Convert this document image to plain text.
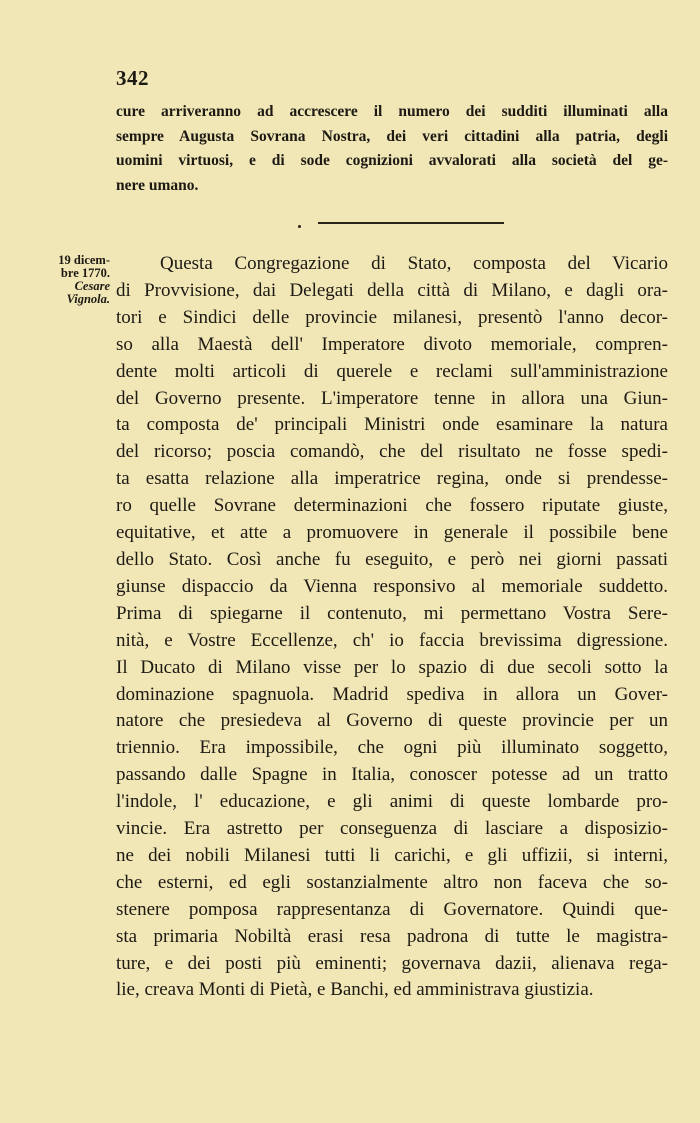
342
cure arriveranno ad accrescere il numero dei sudditi illuminati alla
sempre Augusta Sovrana Nostra, dei veri cittadini alla patria, degli
uomini virtuosi, e di sode cognizioni avvalorati alla società del ge-
nere umano.
19 dicem-
bre 1770.
Cesare
Vignola.
Questa Congregazione di Stato, composta del Vicario
di Provvisione, dai Delegati della città di Milano, e dagli ora-
tori e Sindici delle provincie milanesi, presentò l'anno decor-
so alla Maestà dell' Imperatore divoto memoriale, compren-
dente molti articoli di querele e reclami sull'amministrazione
del Governo presente. L'imperatore tenne in allora una Giun-
ta composta de' principali Ministri onde esaminare la natura
del ricorso; poscia comandò, che del risultato ne fosse spedi-
ta esatta relazione alla imperatrice regina, onde si prendesse-
ro quelle Sovrane determinazioni che fossero riputate giuste,
equitative, et atte a promuovere in generale il possibile bene
dello Stato. Così anche fu eseguito, e però nei giorni passati
giunse dispaccio da Vienna responsivo al memoriale suddetto.
Prima di spiegarne il contenuto, mi permettano Vostra Sere-
nità, e Vostre Eccellenze, ch' io faccia brevissima digressione.
Il Ducato di Milano visse per lo spazio di due secoli sotto la
dominazione spagnuola. Madrid spediva in allora un Gover-
natore che presiedeva al Governo di queste provincie per un
triennio. Era impossibile, che ogni più illuminato soggetto,
passando dalle Spagne in Italia, conoscer potesse ad un tratto
l'indole, l' educazione, e gli animi di queste lombarde pro-
vincie. Era astretto per conseguenza di lasciare a disposizio-
ne dei nobili Milanesi tutti li carichi, e gli uffizii, si interni,
che esterni, ed egli sostanzialmente altro non faceva che so-
stenere pomposa rappresentanza di Governatore. Quindi que-
sta primaria Nobiltà erasi resa padrona di tutte le magistra-
ture, e dei posti più eminenti; governava dazii, alienava rega-
lie, creava Monti di Pietà, e Banchi, ed amministrava giustizia.
